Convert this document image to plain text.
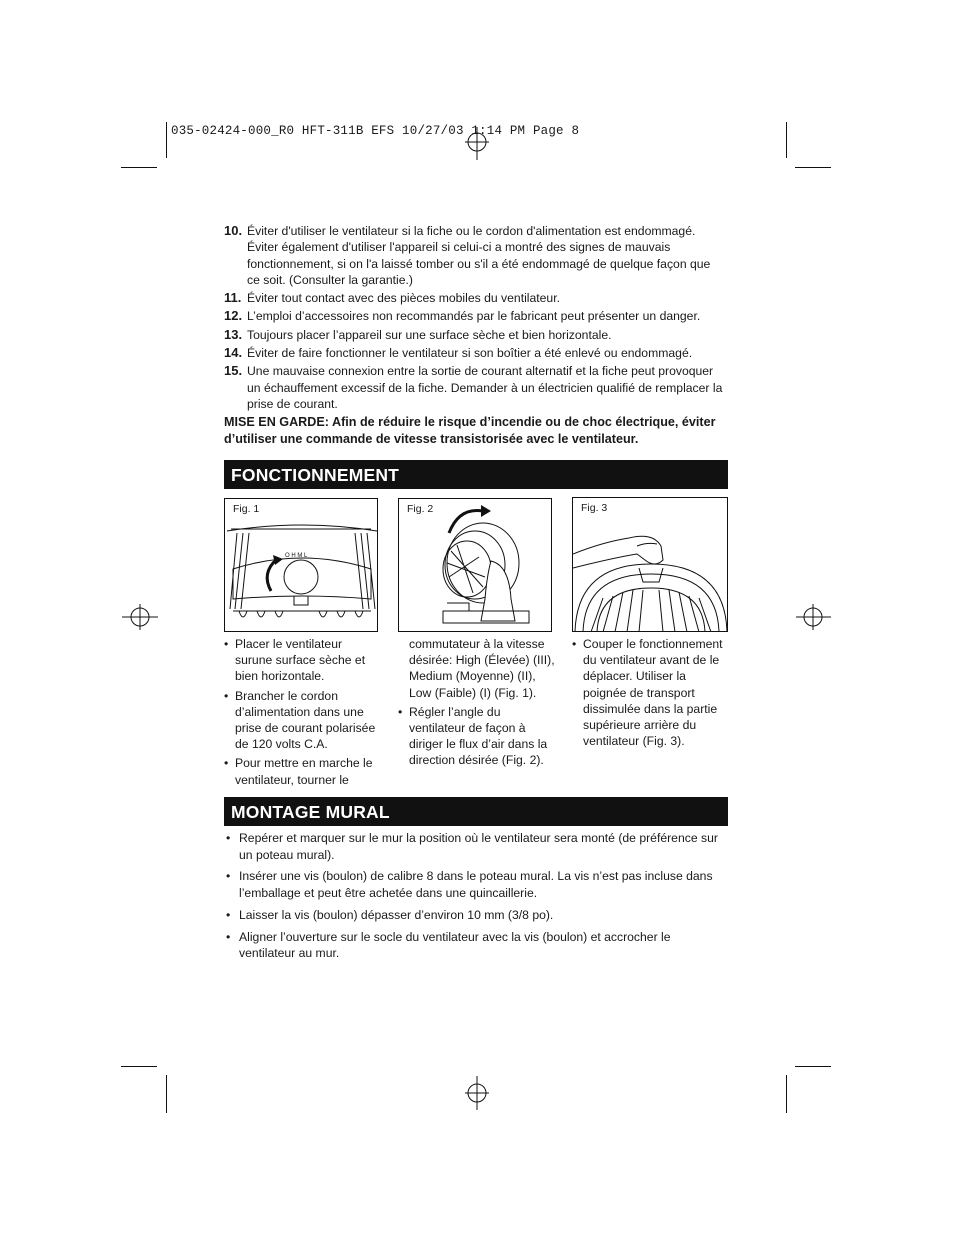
035-02424-000_R0 HFT-311B EFS 10/27/03 1:14 PM Page 8
10. Éviter d'utiliser le ventilateur si la fiche ou le cordon d'alimentation est endommagé. Éviter également d'utiliser l'appareil si celui-ci a montré des signes de mauvais fonctionnement, si on l'a laissé tomber ou s'il a été endommagé de quelque façon que ce soit. (Consulter la garantie.)
11. Éviter tout contact avec des pièces mobiles du ventilateur.
12. L’emploi d’accessoires non recommandés par le fabricant peut présenter un danger.
13. Toujours placer l’appareil sur une surface sèche et bien horizontale.
14. Éviter de faire fonctionner le ventilateur si son boîtier a été enlevé ou endommagé.
15. Une mauvaise connexion entre la sortie de courant alternatif et la fiche peut provoquer un échauffement excessif de la fiche. Demander à un électricien qualifié de remplacer la prise de courant.
MISE EN GARDE: Afin de réduire le risque d’incendie ou de choc électrique, éviter d’utiliser une commande de vitesse transistorisée avec le ventilateur.
FONCTIONNEMENT
Fig. 1
O H M L
Fig. 2	Fig. 3
• Placer le ventilateur surune surface sèche et bien horizontale.
• Brancher le cordon d’alimentation dans une prise de courant polarisée de 120 volts C.A.
• Pour mettre en marche le ventilateur, tourner le
commutateur à la vitesse désirée: High (Élevée) (III), Medium (Moyenne) (II), Low (Faible) (I) (Fig. 1).
• Régler l’angle du ventilateur de façon à diriger le flux d’air dans la direction désirée (Fig. 2).
• Couper le fonctionnement du ventilateur avant de le déplacer. Utiliser la poignée de transport dissimulée dans la partie supérieure arrière du ventilateur (Fig. 3).
MONTAGE MURAL
• Repérer et marquer sur le mur la position où le ventilateur sera monté (de préférence sur un poteau mural).
• Insérer une vis (boulon) de calibre 8 dans le poteau mural. La vis n’est pas incluse dans l’emballage et peut être achetée dans une quincaillerie.
• Laisser la vis (boulon) dépasser d’environ 10 mm (3/8 po).
• Aligner l’ouverture sur le socle du ventilateur avec la vis (boulon) et accrocher le ventilateur au mur.
